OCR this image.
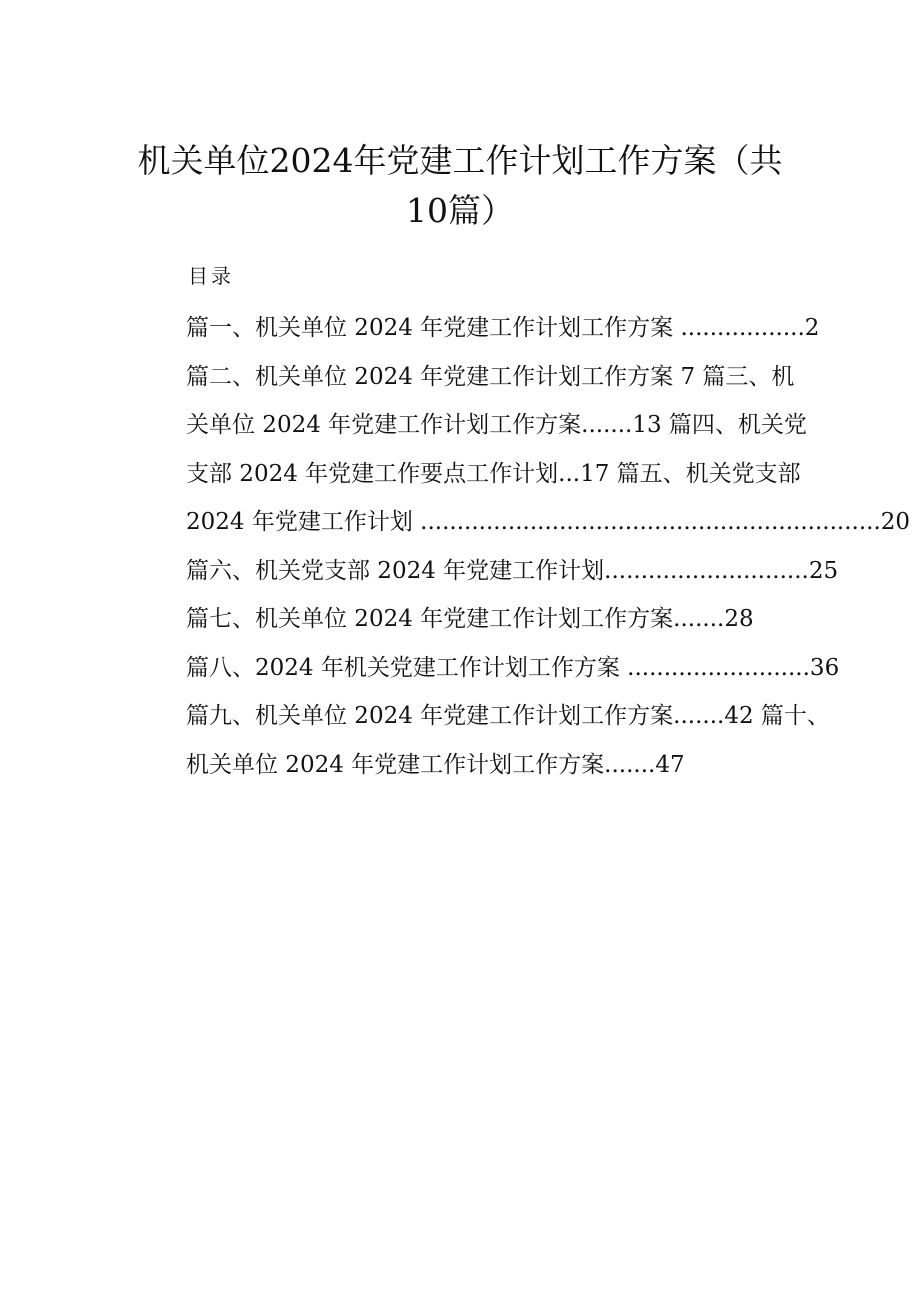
机关单位2024年党建工作计划工作方案（共
10篇）
目录
篇一、机关单位 2024 年党建工作计划工作方案 .................2
篇二、机关单位 2024 年党建工作计划工作方案 7 篇三、机
关单位 2024 年党建工作计划工作方案.......13 篇四、机关党
支部 2024 年党建工作要点工作计划...17 篇五、机关党支部
2024 年党建工作计划 ...............................................................20
篇六、机关党支部 2024 年党建工作计划............................25
篇七、机关单位 2024 年党建工作计划工作方案.......28
篇八、2024 年机关党建工作计划工作方案 .........................36
篇九、机关单位 2024 年党建工作计划工作方案.......42 篇十、
机关单位 2024 年党建工作计划工作方案.......47
